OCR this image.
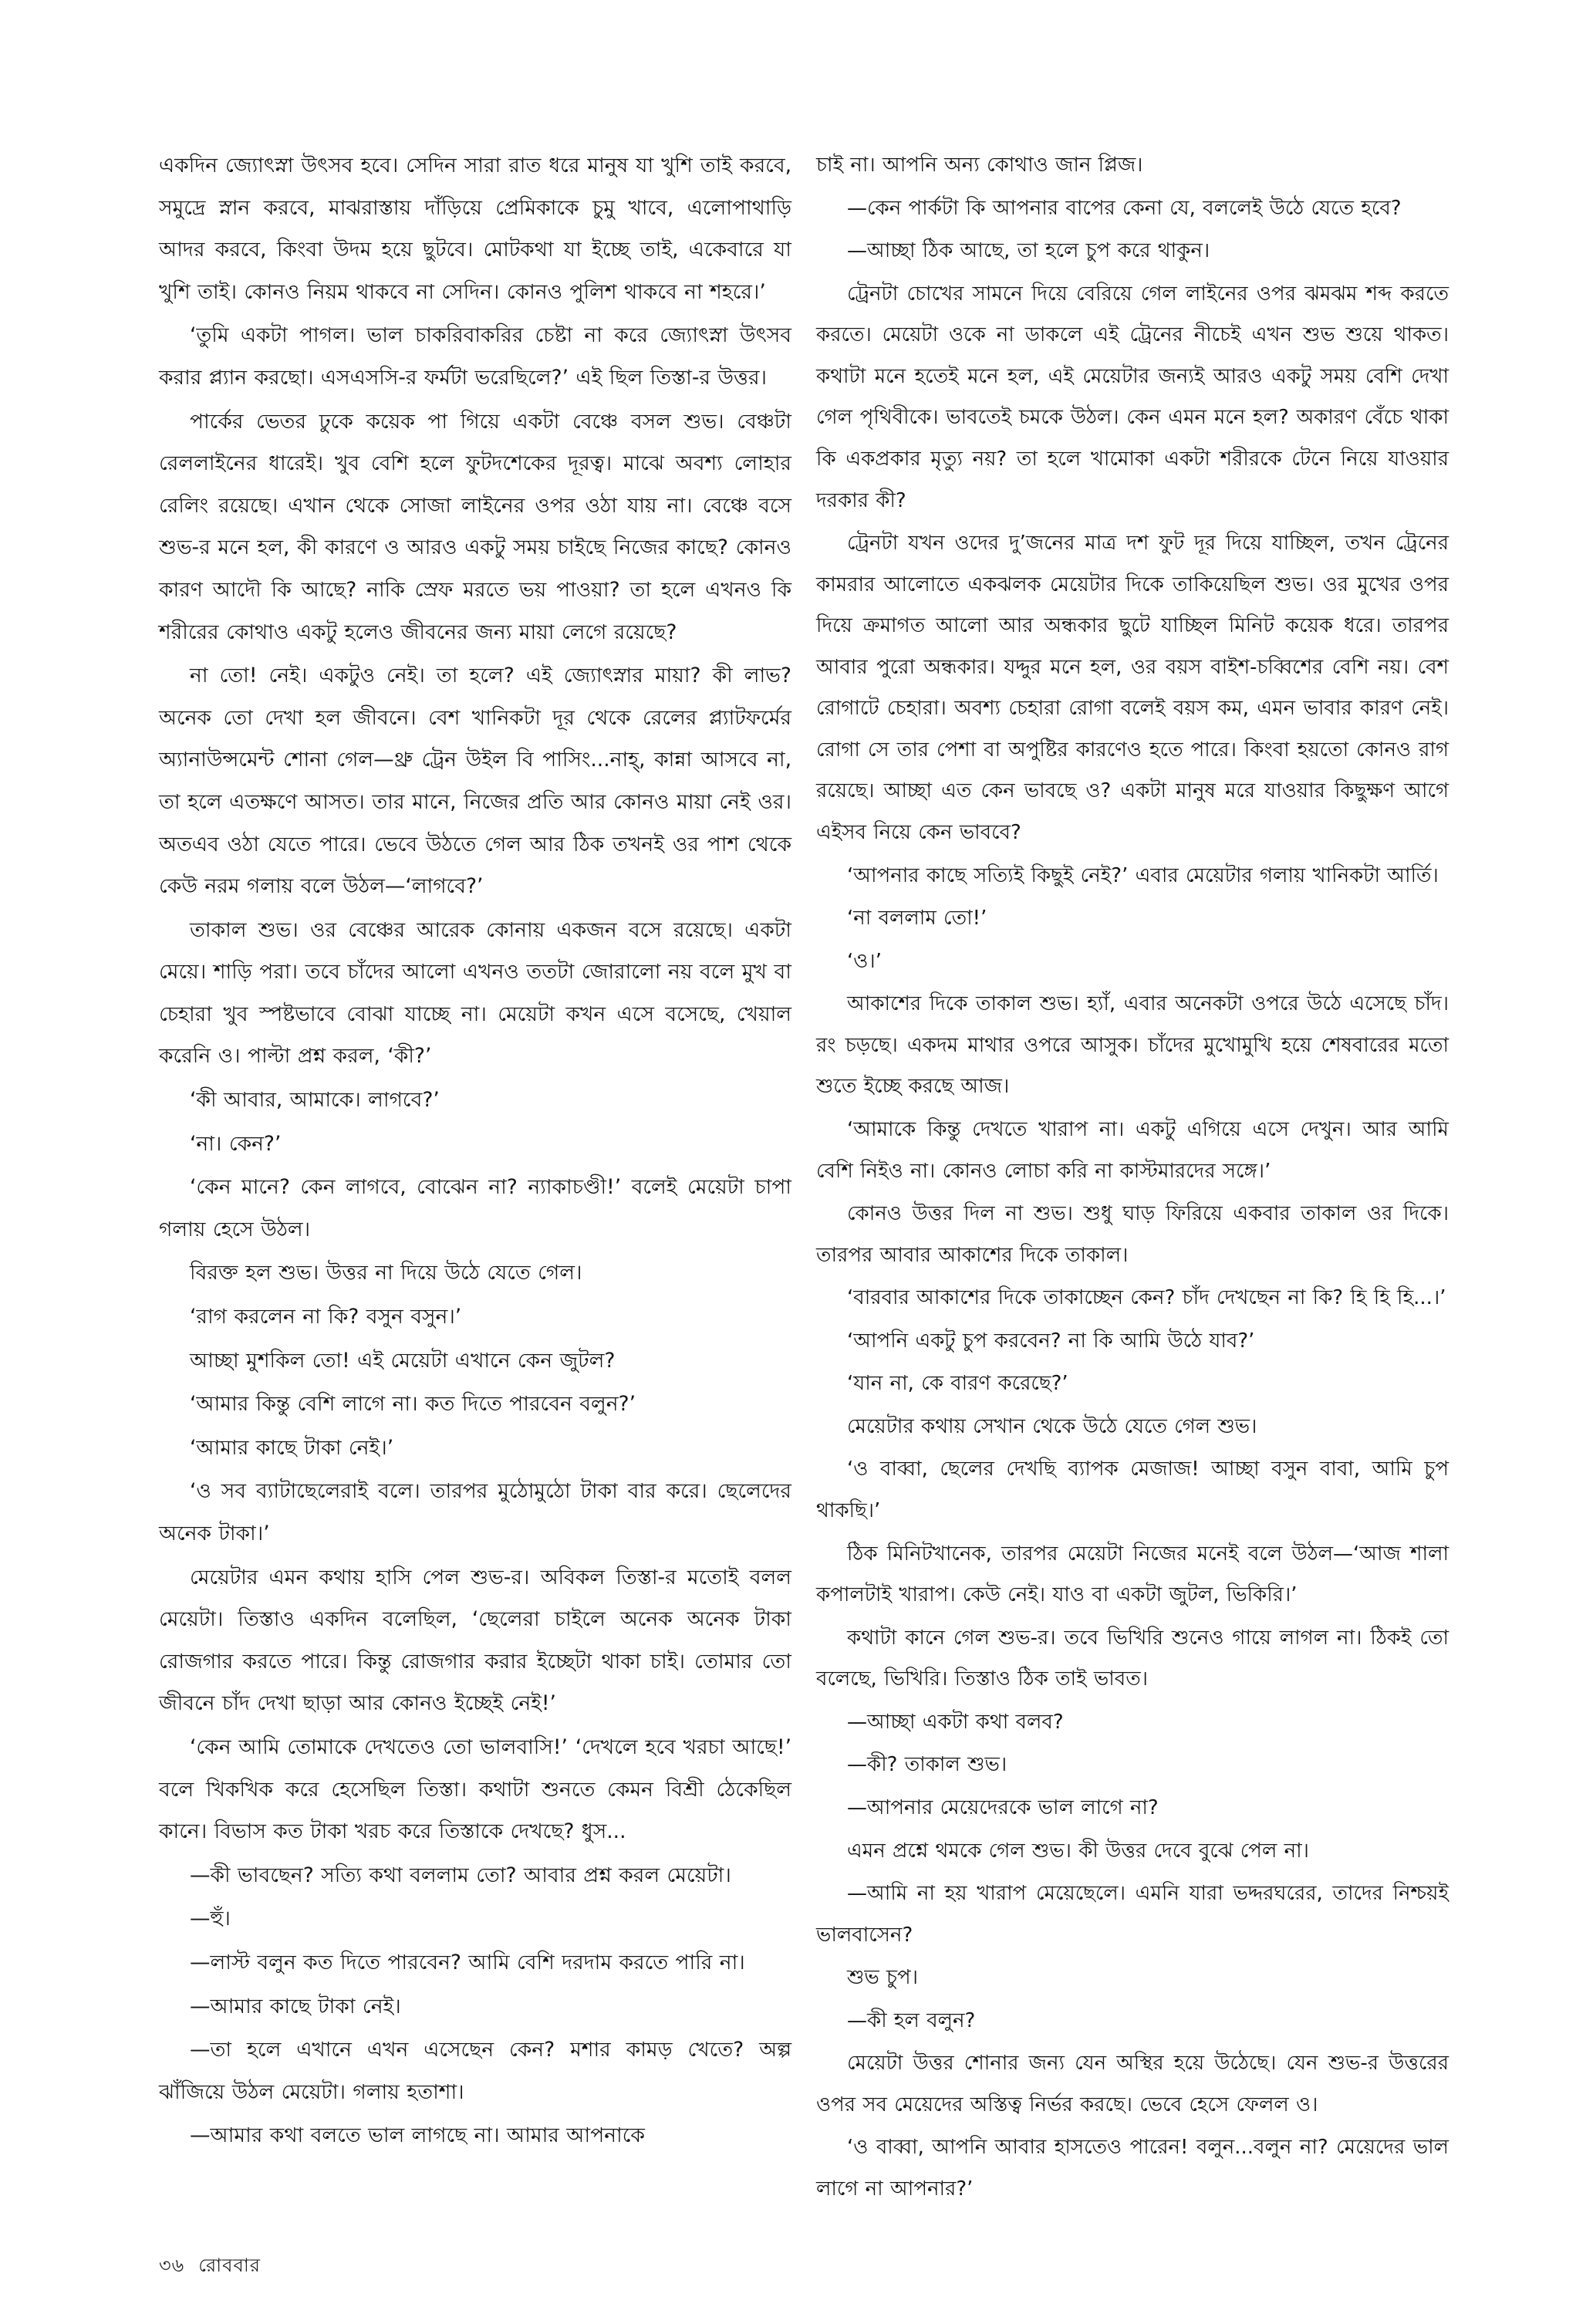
একদিন জ্যোৎস্না উৎসব হবে। সেদিন সারা রাত ধরে মানুষ যা খুশি তাই করবে, সমুদ্রে স্নান করবে, মাঝরাস্তায় দাঁড়িয়ে প্রেমিকাকে চুমু খাবে, এলোপাথাড়ি আদর করবে, কিংবা উদম হয়ে ছুটবে। মোটকথা যা ইচ্ছে তাই, একেবারে যা খুশি তাই। কোনও নিয়ম থাকবে না সেদিন। কোনও পুলিশ থাকবে না শহরে।’

‘তুমি একটা পাগল। ভাল চাকরিবাকরির চেষ্টা না করে জ্যোৎস্না উৎসব করার প্ল্যান করছো। এসএসসি-র ফর্মটা ভরেছিলে?’ এই ছিল তিস্তা-র উত্তর।

পার্কের ভেতর ঢুকে কয়েক পা গিয়ে একটা বেঞ্চে বসল শুভ। বেঞ্চটা রেললাইনের ধারেই। খুব বেশি হলে ফুটদশেকের দূরত্ব। মাঝে অবশ্য লোহার রেলিং রয়েছে। এখান থেকে সোজা লাইনের ওপর ওঠা যায় না। বেঞ্চে বসে শুভ-র মনে হল, কী কারণে ও আরও একটু সময় চাইছে নিজের কাছে? কোনও কারণ আদৌ কি আছে? নাকি স্রেফ মরতে ভয় পাওয়া? তা হলে এখনও কি শরীরের কোথাও একটু হলেও জীবনের জন্য মায়া লেগে রয়েছে?

না তো! নেই। একটুও নেই। তা হলে? এই জ্যোৎস্নার মায়া? কী লাভ? অনেক তো দেখা হল জীবনে। বেশ খানিকটা দূর থেকে রেলের প্ল্যাটফর্মের অ্যানাউন্সমেন্ট শোনা গেল—থ্রু ট্রেন উইল বি পাসিং...নাহ্, কান্না আসবে না, তা হলে এতক্ষণে আসত। তার মানে, নিজের প্রতি আর কোনও মায়া নেই ওর। অতএব ওঠা যেতে পারে। ভেবে উঠতে গেল আর ঠিক তখনই ওর পাশ থেকে কেউ নরম গলায় বলে উঠল—‘লাগবে?’

তাকাল শুভ। ওর বেঞ্চের আরেক কোনায় একজন বসে রয়েছে। একটা মেয়ে। শাড়ি পরা। তবে চাঁদের আলো এখনও ততটা জোরালো নয় বলে মুখ বা চেহারা খুব স্পষ্টভাবে বোঝা যাচ্ছে না। মেয়েটা কখন এসে বসেছে, খেয়াল করেনি ও। পাল্টা প্রশ্ন করল, ‘কী?’

‘কী আবার, আমাকে। লাগবে?’

‘না। কেন?’

‘কেন মানে? কেন লাগবে, বোঝেন না? ন্যাকাচণ্ডী!’ বলেই মেয়েটা চাপা গলায় হেসে উঠল।

বিরক্ত হল শুভ। উত্তর না দিয়ে উঠে যেতে গেল।

‘রাগ করলেন না কি? বসুন বসুন।’

আচ্ছা মুশকিল তো! এই মেয়েটা এখানে কেন জুটল?

‘আমার কিন্তু বেশি লাগে না। কত দিতে পারবেন বলুন?’

‘আমার কাছে টাকা নেই।’

‘ও সব ব্যাটাছেলেরাই বলে। তারপর মুঠোমুঠো টাকা বার করে। ছেলেদের অনেক টাকা।’

মেয়েটার এমন কথায় হাসি পেল শুভ-র। অবিকল তিস্তা-র মতোই বলল মেয়েটা। তিস্তাও একদিন বলেছিল, ‘ছেলেরা চাইলে অনেক অনেক টাকা রোজগার করতে পারে। কিন্তু রোজগার করার ইচ্ছেটা থাকা চাই। তোমার তো জীবনে চাঁদ দেখা ছাড়া আর কোনও ইচ্ছেই নেই!’

‘কেন আমি তোমাকে দেখতেও তো ভালবাসি!’ ‘দেখলে হবে খরচা আছে!’ বলে খিকখিক করে হেসেছিল তিস্তা। কথাটা শুনতে কেমন বিশ্রী ঠেকেছিল কানে। বিভাস কত টাকা খরচ করে তিস্তাকে দেখছে? ধুস...

—কী ভাবছেন? সত্যি কথা বললাম তো? আবার প্রশ্ন করল মেয়েটা।

—হুঁ।

—লাস্ট বলুন কত দিতে পারবেন? আমি বেশি দরদাম করতে পারি না।

—আমার কাছে টাকা নেই।

—তা হলে এখানে এখন এসেছেন কেন? মশার কামড় খেতে? অল্প ঝাঁজিয়ে উঠল মেয়েটা। গলায় হতাশা।

—আমার কথা বলতে ভাল লাগছে না। আমার আপনাকে

চাই না। আপনি অন্য কোথাও জান প্লিজ।

—কেন পার্কটা কি আপনার বাপের কেনা যে, বললেই উঠে যেতে হবে?

—আচ্ছা ঠিক আছে, তা হলে চুপ করে থাকুন।

ট্রেনটা চোখের সামনে দিয়ে বেরিয়ে গেল লাইনের ওপর ঝমঝম শব্দ করতে করতে। মেয়েটা ওকে না ডাকলে এই ট্রেনের নীচেই এখন শুভ শুয়ে থাকত। কথাটা মনে হতেই মনে হল, এই মেয়েটার জন্যই আরও একটু সময় বেশি দেখা গেল পৃথিবীকে। ভাবতেই চমকে উঠল। কেন এমন মনে হল? অকারণ বেঁচে থাকা কি একপ্রকার মৃত্যু নয়? তা হলে খামোকা একটা শরীরকে টেনে নিয়ে যাওয়ার দরকার কী?

ট্রেনটা যখন ওদের দু’জনের মাত্র দশ ফুট দূর দিয়ে যাচ্ছিল, তখন ট্রেনের কামরার আলোতে একঝলক মেয়েটার দিকে তাকিয়েছিল শুভ। ওর মুখের ওপর দিয়ে ক্রমাগত আলো আর অন্ধকার ছুটে যাচ্ছিল মিনিট কয়েক ধরে। তারপর আবার পুরো অন্ধকার। যদ্দুর মনে হল, ওর বয়স বাইশ-চব্বিশের বেশি নয়। বেশ রোগাটে চেহারা। অবশ্য চেহারা রোগা বলেই বয়স কম, এমন ভাবার কারণ নেই। রোগা সে তার পেশা বা অপুষ্টির কারণেও হতে পারে। কিংবা হয়তো কোনও রাগ রয়েছে। আচ্ছা এত কেন ভাবছে ও? একটা মানুষ মরে যাওয়ার কিছুক্ষণ আগে এইসব নিয়ে কেন ভাববে?

‘আপনার কাছে সত্যিই কিছুই নেই?’ এবার মেয়েটার গলায় খানিকটা আর্তি।

‘না বললাম তো!’

‘ও।’

আকাশের দিকে তাকাল শুভ। হ্যাঁ, এবার অনেকটা ওপরে উঠে এসেছে চাঁদ। রং চড়ছে। একদম মাথার ওপরে আসুক। চাঁদের মুখোমুখি হয়ে শেষবারের মতো শুতে ইচ্ছে করছে আজ।

‘আমাকে কিন্তু দেখতে খারাপ না। একটু এগিয়ে এসে দেখুন। আর আমি বেশি নিইও না। কোনও লোচা করি না কাস্টমারদের সঙ্গে।’

কোনও উত্তর দিল না শুভ। শুধু ঘাড় ফিরিয়ে একবার তাকাল ওর দিকে। তারপর আবার আকাশের দিকে তাকাল।

‘বারবার আকাশের দিকে তাকাচ্ছেন কেন? চাঁদ দেখছেন না কি? হি হি হি...।’

‘আপনি একটু চুপ করবেন? না কি আমি উঠে যাব?’

‘যান না, কে বারণ করেছে?’

মেয়েটার কথায় সেখান থেকে উঠে যেতে গেল শুভ।

‘ও বাব্বা, ছেলের দেখছি ব্যাপক মেজাজ! আচ্ছা বসুন বাবা, আমি চুপ থাকছি।’

ঠিক মিনিটখানেক, তারপর মেয়েটা নিজের মনেই বলে উঠল—‘আজ শালা কপালটাই খারাপ। কেউ নেই। যাও বা একটা জুটল, ভিকিরি।’

কথাটা কানে গেল শুভ-র। তবে ভিখিরি শুনেও গায়ে লাগল না। ঠিকই তো বলেছে, ভিখিরি। তিস্তাও ঠিক তাই ভাবত।

—আচ্ছা একটা কথা বলব?

—কী? তাকাল শুভ।

—আপনার মেয়েদেরকে ভাল লাগে না?

এমন প্রশ্নে থমকে গেল শুভ। কী উত্তর দেবে বুঝে পেল না।

—আমি না হয় খারাপ মেয়েছেলে। এমনি যারা ভদ্দরঘরের, তাদের নিশ্চয়ই ভালবাসেন?

শুভ চুপ।

—কী হল বলুন?

মেয়েটা উত্তর শোনার জন্য যেন অস্থির হয়ে উঠেছে। যেন শুভ-র উত্তরের ওপর সব মেয়েদের অস্তিত্ব নির্ভর করছে। ভেবে হেসে ফেলল ও।

‘ও বাব্বা, আপনি আবার হাসতেও পারেন! বলুন...বলুন না? মেয়েদের ভাল লাগে না আপনার?’

৩৬ রোববার
